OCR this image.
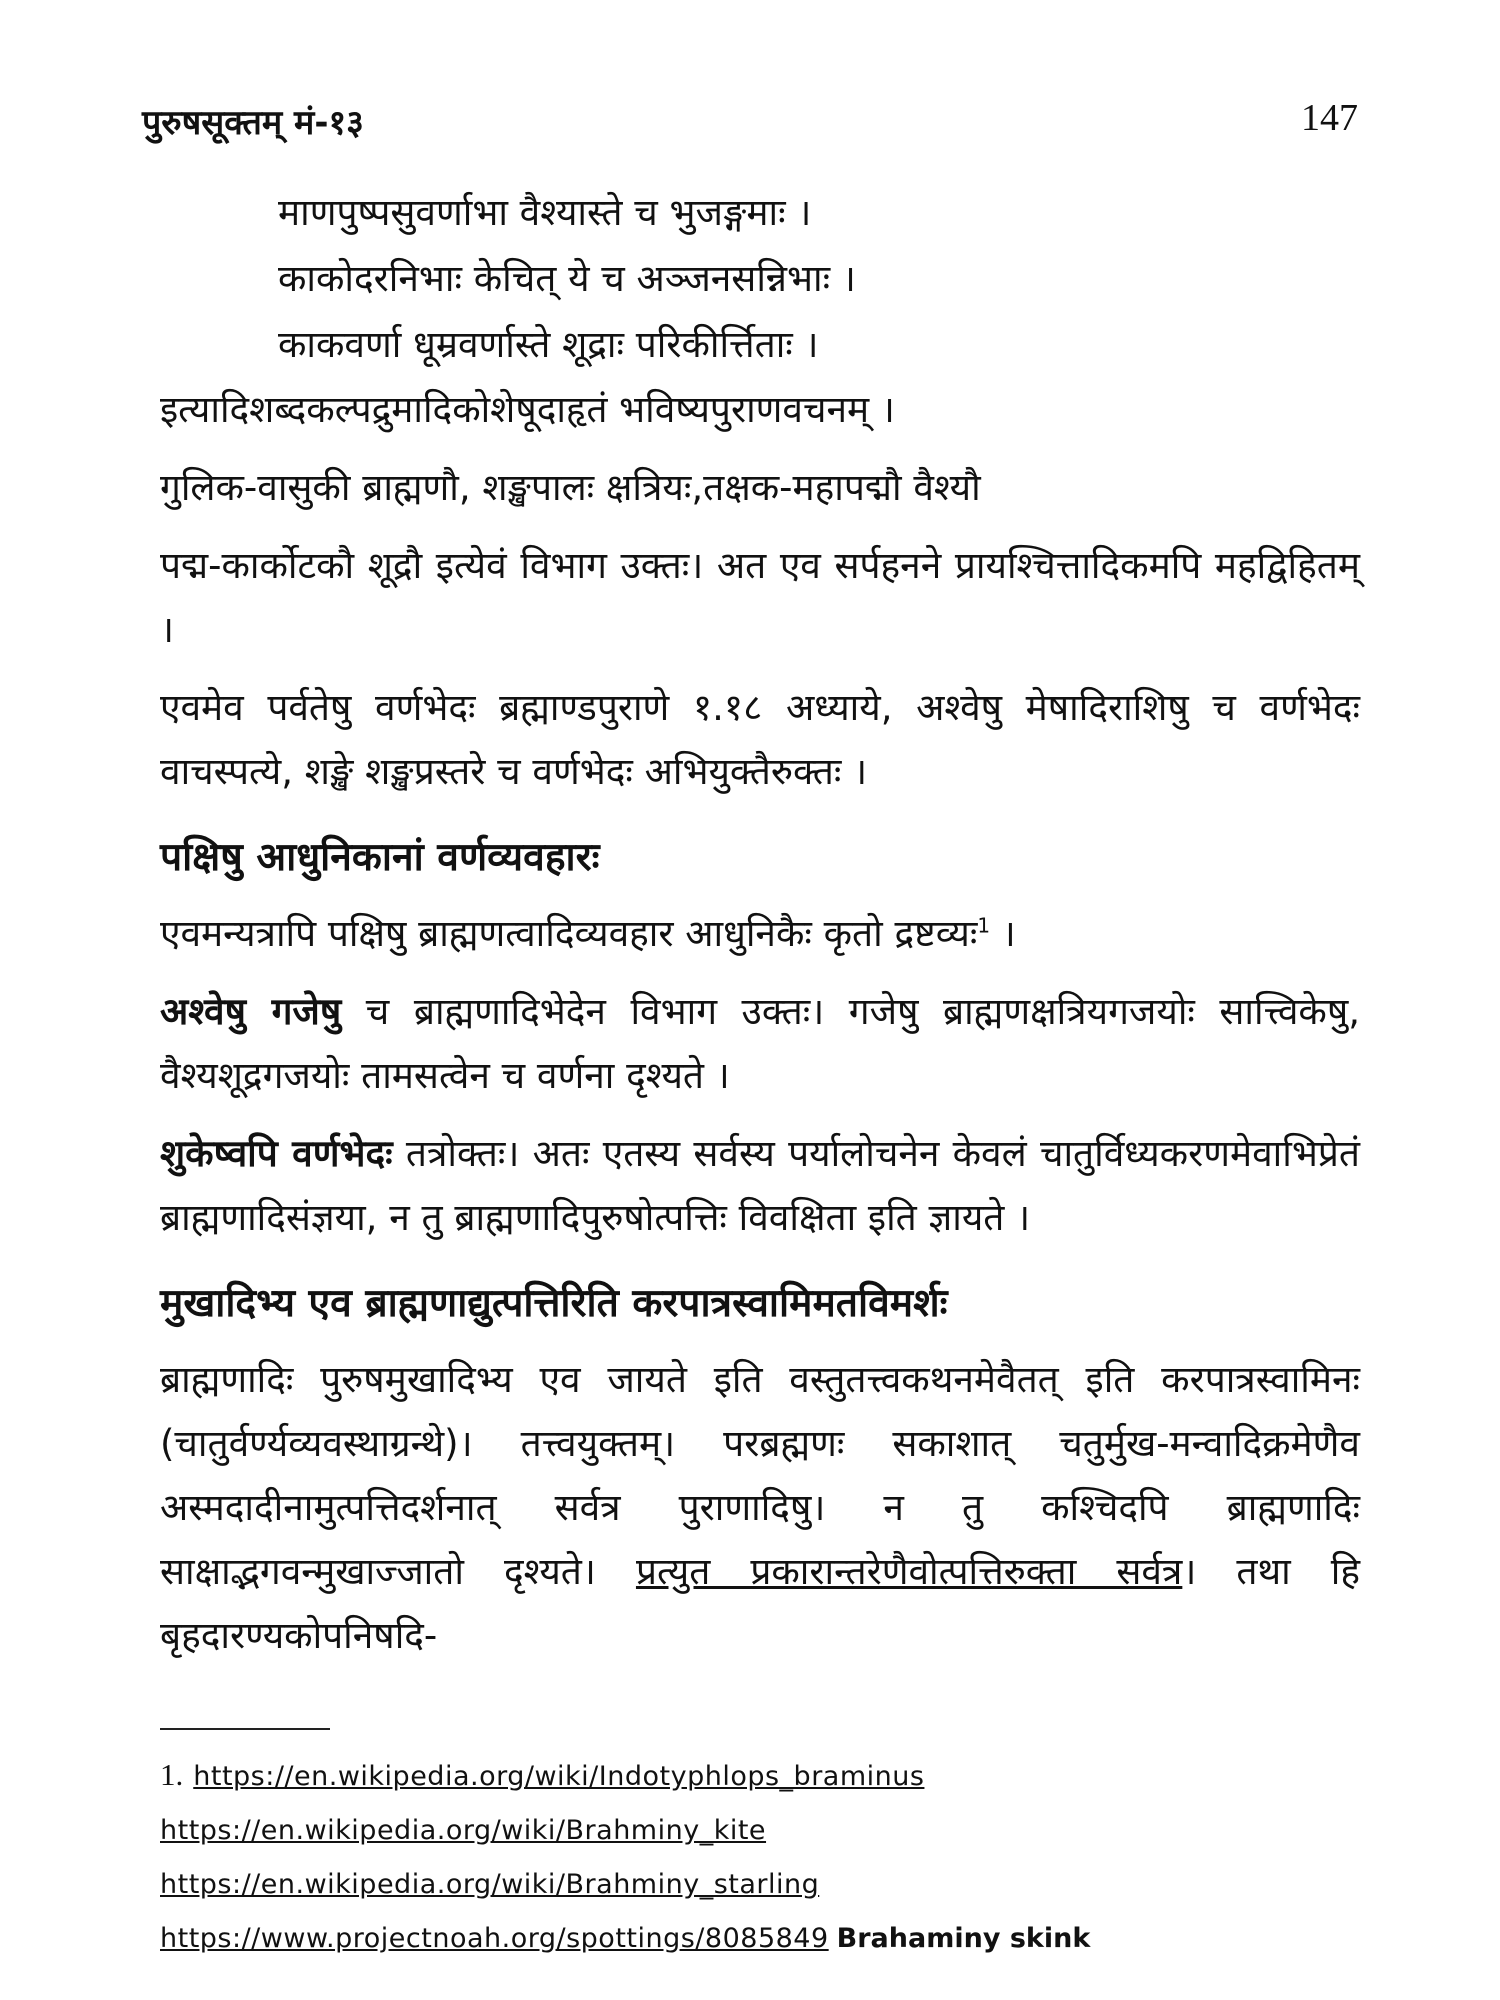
पुरुषसूक्तम् मं-१३	147
माणपुष्पसुवर्णाभा वैश्यास्ते च भुजङ्गमाः ।
काकोदरनिभाः केचित् ये च अञ्जनसन्निभाः ।
काकवर्णा धूम्रवर्णास्ते शूद्राः परिकीर्त्तिताः ।

इत्यादिशब्दकल्पद्रुमादिकोशेषूदाहृतं भविष्यपुराणवचनम् ।

गुलिक-वासुकी ब्राह्मणौ, शङ्खपालः क्षत्रियः,तक्षक-महापद्मौ वैश्यौ

पद्म-कार्कोटकौ शूद्रौ इत्येवं विभाग उक्तः। अत एव सर्पहनने प्रायश्चित्तादिकमपि महद्विहितम् ।

एवमेव पर्वतेषु वर्णभेदः ब्रह्माण्डपुराणे १.१८ अध्याये, अश्वेषु मेषादिराशिषु च वर्णभेदः वाचस्पत्ये, शङ्खे शङ्खप्रस्तरे च वर्णभेदः अभियुक्तैरुक्तः ।

पक्षिषु आधुनिकानां वर्णव्यवहारः

एवमन्यत्रापि पक्षिषु ब्राह्मणत्वादिव्यवहार आधुनिकैः कृतो द्रष्टव्यः$^1$ ।

अश्वेषु गजेषु च ब्राह्मणादिभेदेन विभाग उक्तः। गजेषु ब्राह्मणक्षत्रियगजयोः सात्त्विकेषु, वैश्यशूद्रगजयोः तामसत्वेन च वर्णना दृश्यते ।

शुकेष्वपि वर्णभेदः तत्रोक्तः। अतः एतस्य सर्वस्य पर्यालोचनेन केवलं चातुर्विध्यकरणमेवाभिप्रेतं ब्राह्मणादिसंज्ञया, न तु ब्राह्मणादिपुरुषोत्पत्तिः विवक्षिता इति ज्ञायते ।

मुखादिभ्य एव ब्राह्मणाद्युत्पत्तिरिति करपात्रस्वामिमतविमर्शः

ब्राह्मणादिः पुरुषमुखादिभ्य एव जायते इति वस्तुतत्त्वकथनमेवैतत् इति करपात्रस्वामिनः (चातुर्वर्ण्यव्यवस्थाग्रन्थे)। तत्त्वयुक्तम्। परब्रह्मणः सकाशात् चतुर्मुख-मन्वादिक्रमेणैव अस्मदादीनामुत्पत्तिदर्शनात् सर्वत्र पुराणादिषु। न तु कश्चिदपि ब्राह्मणादिः साक्षाद्भगवन्मुखाज्जातो दृश्यते। प्रत्युत प्रकारान्तरेणैवोत्पत्तिरुक्ता सर्वत्र। तथा हि बृहदारण्यकोपनिषदि-

1. https://en.wikipedia.org/wiki/Indotyphlops_braminus
https://en.wikipedia.org/wiki/Brahminy_kite
https://en.wikipedia.org/wiki/Brahminy_starling
https://www.projectnoah.org/spottings/8085849 Brahaminy skink
